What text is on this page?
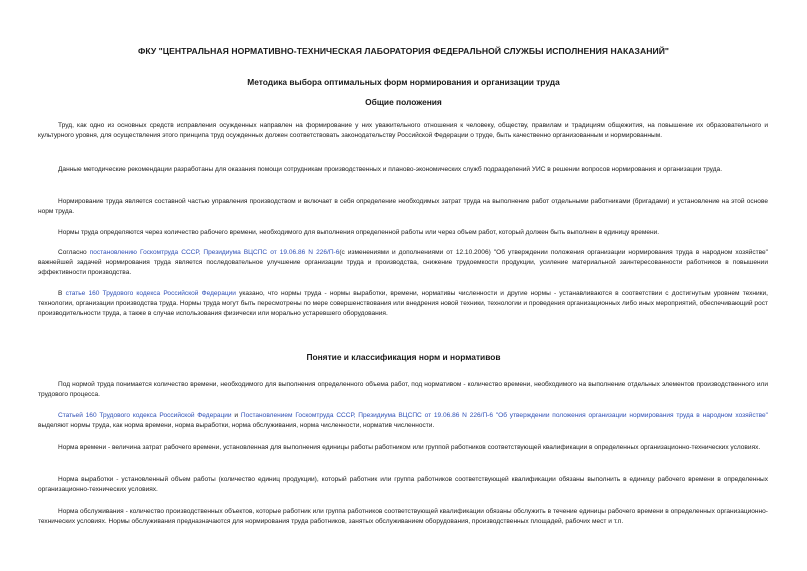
ФКУ "ЦЕНТРАЛЬНАЯ НОРМАТИВНО-ТЕХНИЧЕСКАЯ ЛАБОРАТОРИЯ ФЕДЕРАЛЬНОЙ СЛУЖБЫ ИСПОЛНЕНИЯ НАКАЗАНИЙ"
Методика выбора оптимальных форм нормирования и организации труда
Общие положения

Труд, как одно из основных средств исправления осужденных направлен на формирование у них уважительного отношения к человеку, обществу, правилам и традициям общежития, на повышение их образовательного и культурного уровня, для осуществления этого принципа труд осужденных должен соответствовать законодательству Российской Федерации о труде, быть качественно организованным и нормированным.

Данные методические рекомендации разработаны для оказания помощи сотрудникам производственных и планово-экономических служб подразделений УИС в решении вопросов нормирования и организации труда.

Нормирование труда является составной частью управления производством и включает в себя определение необходимых затрат труда на выполнение работ отдельными работниками (бригадами) и установление на этой основе норм труда.

Нормы труда определяются через количество рабочего времени, необходимого для выполнения определенной работы или через объем работ, который должен быть выполнен в единицу времени.

Согласно постановлению Госкомтруда СССР, Президиума ВЦСПС от 19.06.86 N 226/П-6(с изменениями и дополнениями от 12.10.2006) "Об утверждении положения организации нормирования труда в народном хозяйстве" важнейшей задачей нормирования труда является последовательное улучшение организации труда и производства, снижение трудоемкости продукции, усиление материальной заинтересованности работников в повышении эффективности производства.

В статье 160 Трудового кодекса Российской Федерации указано, что нормы труда - нормы выработки, времени, нормативы численности и другие нормы - устанавливаются в соответствии с достигнутым уровнем техники, технологии, организации производства труда. Нормы труда могут быть пересмотрены по мере совершенствования или внедрения новой техники, технологии и проведения организационных либо иных мероприятий, обеспечивающий рост производительности труда, а также в случае использования физически или морально устаревшего оборудования.

Понятие и классификация норм и нормативов

Под нормой труда понимается количество времени, необходимого для выполнения определенного объема работ, под нормативом - количество времени, необходимого на выполнение отдельных элементов производственного или трудового процесса.

Статьей 160 Трудового кодекса Российской Федерации и Постановлением Госкомтруда СССР, Президиума ВЦСПС от 19.06.86 N 226/П-6 "Об утверждении положения организации нормирования труда в народном хозяйстве" выделяют нормы труда, как норма времени, норма выработки, норма обслуживания, норма численности, норматив численности.

Норма времени - величина затрат рабочего времени, установленная для выполнения единицы работы работником или группой работников соответствующей квалификации в определенных организационно-технических условиях.

Норма выработки - установленный объем работы (количество единиц продукции), который работник или группа работников соответствующей квалификации обязаны выполнить в единицу рабочего времени в определенных организационно-технических условиях.

Норма обслуживания - количество производственных объектов, которые работник или группа работников соответствующей квалификации обязаны обслужить в течение единицы рабочего времени в определенных организационно-технических условиях. Нормы обслуживания предназначаются для нормирования труда работников, занятых обслуживанием оборудования, производственных площадей, рабочих мест и т.п.
